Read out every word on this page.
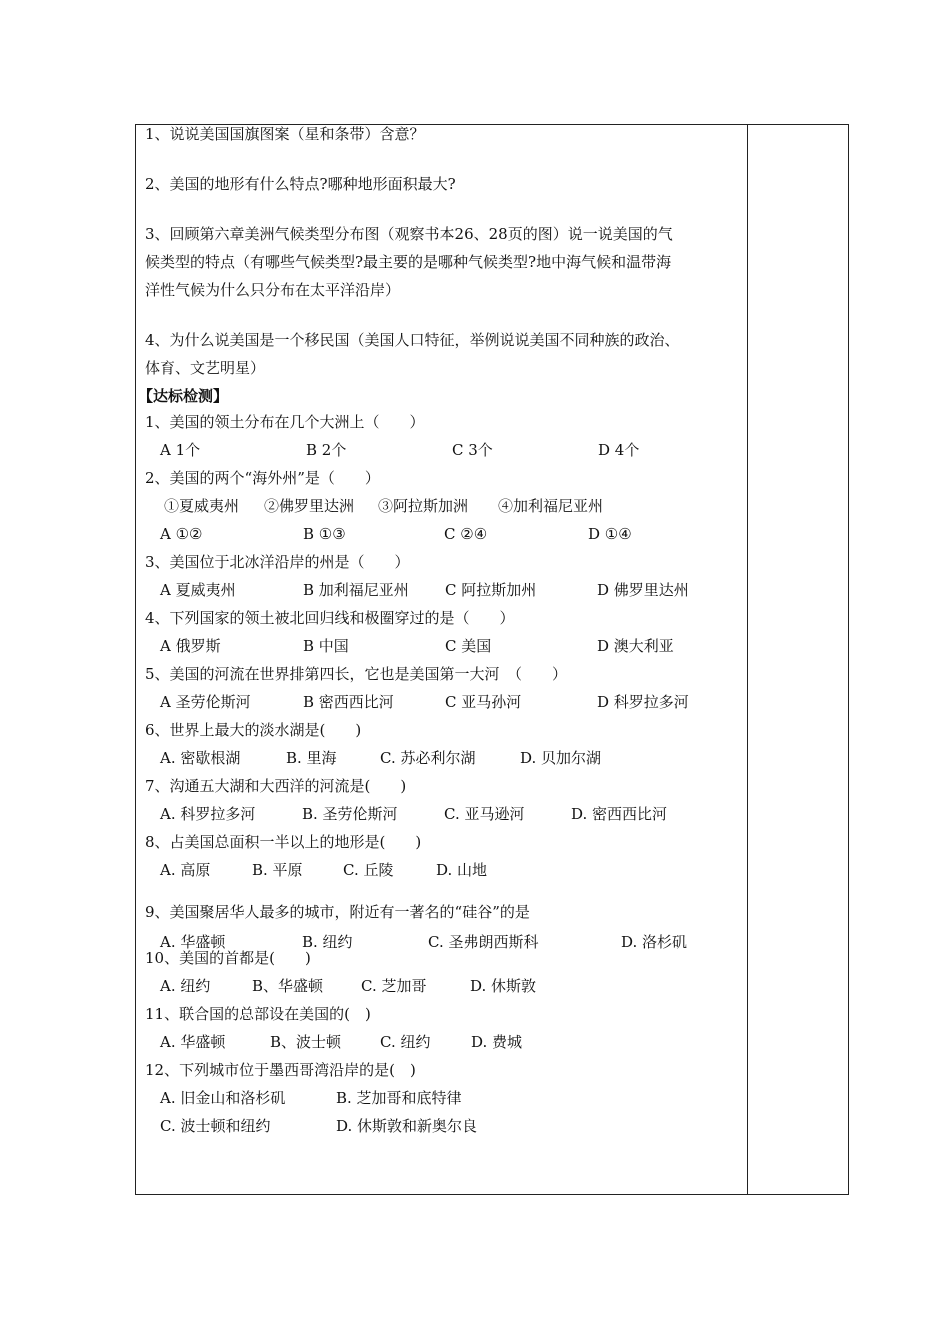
1、说说美国国旗图案（星和条带）含意？
2、美国的地形有什么特点?哪种地形面积最大?
3、回顾第六章美洲气候类型分布图（观察书本26、28页的图）说一说美国的气
候类型的特点（有哪些气候类型?最主要的是哪种气候类型?地中海气候和温带海
洋性气候为什么只分布在太平洋沿岸）
4、为什么说美国是一个移民国（美国人口特征，举例说说美国不同种族的政治、
体育、文艺明星）
【达标检测】
1、美国的领土分布在几个大洲上（　　）
A 1个	B 2个	C 3个	D 4个
2、美国的两个“海外州”是（　　）
①夏威夷州 ②佛罗里达洲 ③阿拉斯加洲 ④加利福尼亚州
A ①②	B ①③	C ②④	D ①④
3、美国位于北冰洋沿岸的州是（　　）
A 夏威夷州	B 加利福尼亚州 C 阿拉斯加州	D 佛罗里达州
4、下列国家的领土被北回归线和极圈穿过的是（　　）
A 俄罗斯	B 中国	C 美国	D 澳大利亚
5、美国的河流在世界排第四长，它也是美国第一大河　（　　）
A 圣劳伦斯河	B 密西西比河	C 亚马孙河	D 科罗拉多河
6、世界上最大的淡水湖是(　　)
A. 密歇根湖	B. 里海	C. 苏必利尔湖	D. 贝加尔湖
7、沟通五大湖和大西洋的河流是(　　)
A. 科罗拉多河	B. 圣劳伦斯河	C. 亚马逊河	D. 密西西比河
8、占美国总面积一半以上的地形是(　　)
A. 高原	B. 平原	C. 丘陵	D. 山地
9、美国聚居华人最多的城市，附近有一著名的“硅谷”的是
A. 华盛顿	B. 纽约	C. 圣弗朗西斯科	D. 洛杉矶
10、美国的首都是(　　)
A. 纽约	B、华盛顿	C. 芝加哥	D. 休斯敦
11、联合国的总部设在美国的(　)
A. 华盛顿	B、波士顿	C. 纽约	D. 费城
12、下列城市位于墨西哥湾沿岸的是(　)
A. 旧金山和洛杉矶	B. 芝加哥和底特律
C. 波士顿和纽约	D. 休斯敦和新奥尔良
